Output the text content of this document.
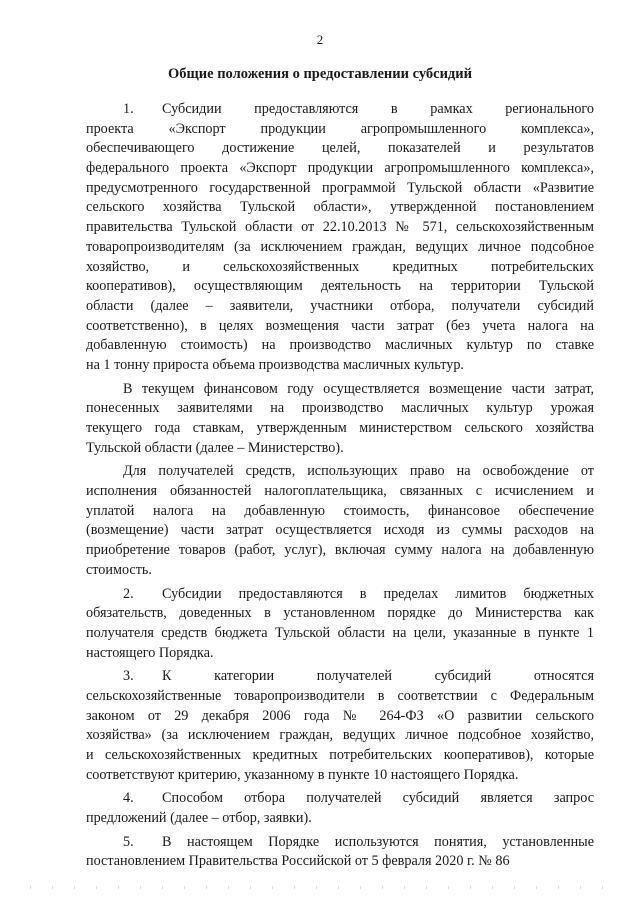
2
Общие положения о предоставлении субсидий
1.  Субсидии предоставляются в рамках регионального
проекта «Экспорт продукции агропромышленного комплекса»,
обеспечивающего достижение целей, показателей и результатов
федерального проекта «Экспорт продукции агропромышленного комплекса»,
предусмотренного государственной программой Тульской области «Развитие
сельского хозяйства Тульской области», утвержденной постановлением
правительства Тульской области от 22.10.2013 № 571, сельскохозяйственным
товаропроизводителям (за исключением граждан, ведущих личное подсобное
хозяйство, и сельскохозяйственных кредитных потребительских
кооперативов), осуществляющим деятельность на территории Тульской
области (далее – заявители, участники отбора, получатели субсидий
соответственно), в целях возмещения части затрат (без учета налога на
добавленную стоимость) на производство масличных культур по ставке
на 1 тонну прироста объема производства масличных культур.
В текущем финансовом году осуществляется возмещение части затрат,
понесенных заявителями на производство масличных культур урожая
текущего года ставкам, утвержденным министерством сельского хозяйства
Тульской области (далее – Министерство).
Для получателей средств, использующих право на освобождение от
исполнения обязанностей налогоплательщика, связанных с исчислением и
уплатой налога на добавленную стоимость, финансовое обеспечение
(возмещение) части затрат осуществляется исходя из суммы расходов на
приобретение товаров (работ, услуг), включая сумму налога на добавленную
стоимость.
2.  Субсидии предоставляются в пределах лимитов бюджетных
обязательств, доведенных в установленном порядке до Министерства как
получателя средств бюджета Тульской области на цели, указанные в пункте 1
настоящего Порядка.
3.  К категории получателей субсидий относятся
сельскохозяйственные товаропроизводители в соответствии с Федеральным
законом от 29 декабря 2006 года № 264-ФЗ «О развитии сельского
хозяйства» (за исключением граждан, ведущих личное подсобное хозяйство,
и сельскохозяйственных кредитных потребительских кооперативов), которые
соответствуют критерию, указанному в пункте 10 настоящего Порядка.
4.  Способом отбора получателей субсидий является запрос
предложений (далее – отбор, заявки).
5.  В настоящем Порядке используются понятия, установленные
постановлением Правительства Российской от 5 февраля 2020 г. № 86
